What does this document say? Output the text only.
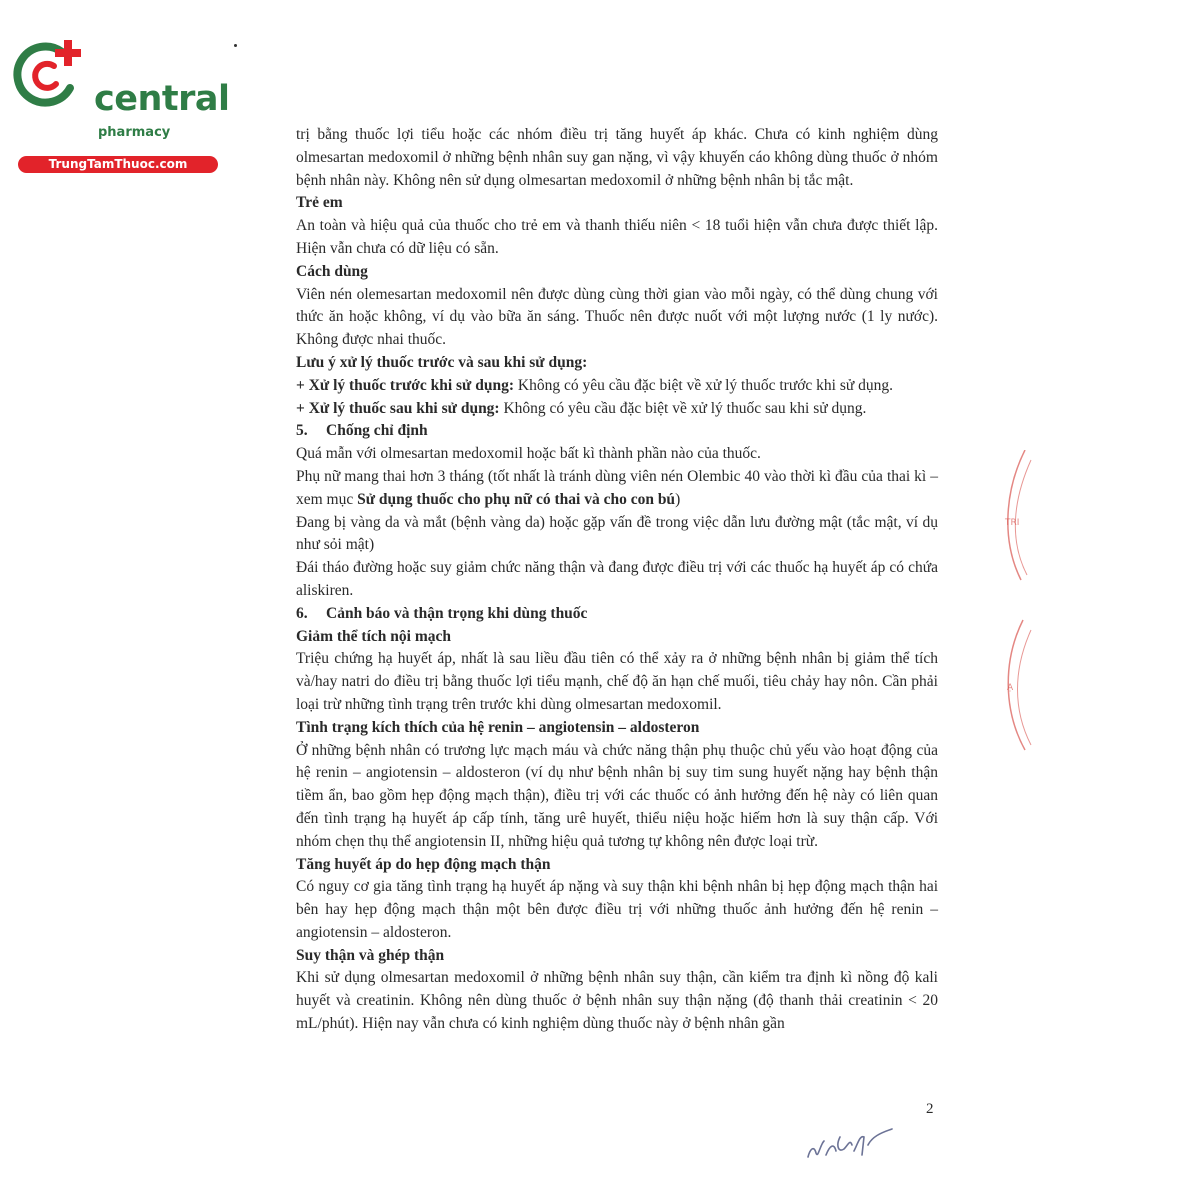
central
pharmacy
TrungTamThuoc.com

trị bằng thuốc lợi tiểu hoặc các nhóm điều trị tăng huyết áp khác. Chưa có kinh nghiệm dùng olmesartan medoxomil ở những bệnh nhân suy gan nặng, vì vậy khuyến cáo không dùng thuốc ở nhóm bệnh nhân này. Không nên sử dụng olmesartan medoxomil ở những bệnh nhân bị tắc mật.

Trẻ em

An toàn và hiệu quả của thuốc cho trẻ em và thanh thiếu niên < 18 tuổi hiện vẫn chưa được thiết lập. Hiện vẫn chưa có dữ liệu có sẵn.

Cách dùng

Viên nén olemesartan medoxomil nên được dùng cùng thời gian vào mỗi ngày, có thể dùng chung với thức ăn hoặc không, ví dụ vào bữa ăn sáng. Thuốc nên được nuốt với một lượng nước (1 ly nước). Không được nhai thuốc.

Lưu ý xử lý thuốc trước và sau khi sử dụng:

+ Xử lý thuốc trước khi sử dụng: Không có yêu cầu đặc biệt về xử lý thuốc trước khi sử dụng.

+ Xử lý thuốc sau khi sử dụng: Không có yêu cầu đặc biệt về xử lý thuốc sau khi sử dụng.

5. Chống chỉ định

Quá mẫn với olmesartan medoxomil hoặc bất kì thành phần nào của thuốc.

Phụ nữ mang thai hơn 3 tháng (tốt nhất là tránh dùng viên nén Olembic 40 vào thời kì đầu của thai kì – xem mục Sử dụng thuốc cho phụ nữ có thai và cho con bú)

Đang bị vàng da và mắt (bệnh vàng da) hoặc gặp vấn đề trong việc dẫn lưu đường mật (tắc mật, ví dụ như sỏi mật)

Đái tháo đường hoặc suy giảm chức năng thận và đang được điều trị với các thuốc hạ huyết áp có chứa aliskiren.

6. Cảnh báo và thận trọng khi dùng thuốc

Giảm thể tích nội mạch

Triệu chứng hạ huyết áp, nhất là sau liều đầu tiên có thể xảy ra ở những bệnh nhân bị giảm thể tích và/hay natri do điều trị bằng thuốc lợi tiểu mạnh, chế độ ăn hạn chế muối, tiêu chảy hay nôn. Cần phải loại trừ những tình trạng trên trước khi dùng olmesartan medoxomil.

Tình trạng kích thích của hệ renin – angiotensin – aldosteron

Ở những bệnh nhân có trương lực mạch máu và chức năng thận phụ thuộc chủ yếu vào hoạt động của hệ renin – angiotensin – aldosteron (ví dụ như bệnh nhân bị suy tim sung huyết nặng hay bệnh thận tiềm ẩn, bao gồm hẹp động mạch thận), điều trị với các thuốc có ảnh hưởng đến hệ này có liên quan đến tình trạng hạ huyết áp cấp tính, tăng urê huyết, thiểu niệu hoặc hiếm hơn là suy thận cấp. Với nhóm chẹn thụ thể angiotensin II, những hiệu quả tương tự không nên được loại trừ.

Tăng huyết áp do hẹp động mạch thận

Có nguy cơ gia tăng tình trạng hạ huyết áp nặng và suy thận khi bệnh nhân bị hẹp động mạch thận hai bên hay hẹp động mạch thận một bên được điều trị với những thuốc ảnh hưởng đến hệ renin – angiotensin – aldosteron.

Suy thận và ghép thận

Khi sử dụng olmesartan medoxomil ở những bệnh nhân suy thận, cần kiểm tra định kì nồng độ kali huyết và creatinin. Không nên dùng thuốc ở bệnh nhân suy thận nặng (độ thanh thải creatinin < 20 mL/phút). Hiện nay vẫn chưa có kinh nghiệm dùng thuốc này ở bệnh nhân gần

2
TRI
Ạ
